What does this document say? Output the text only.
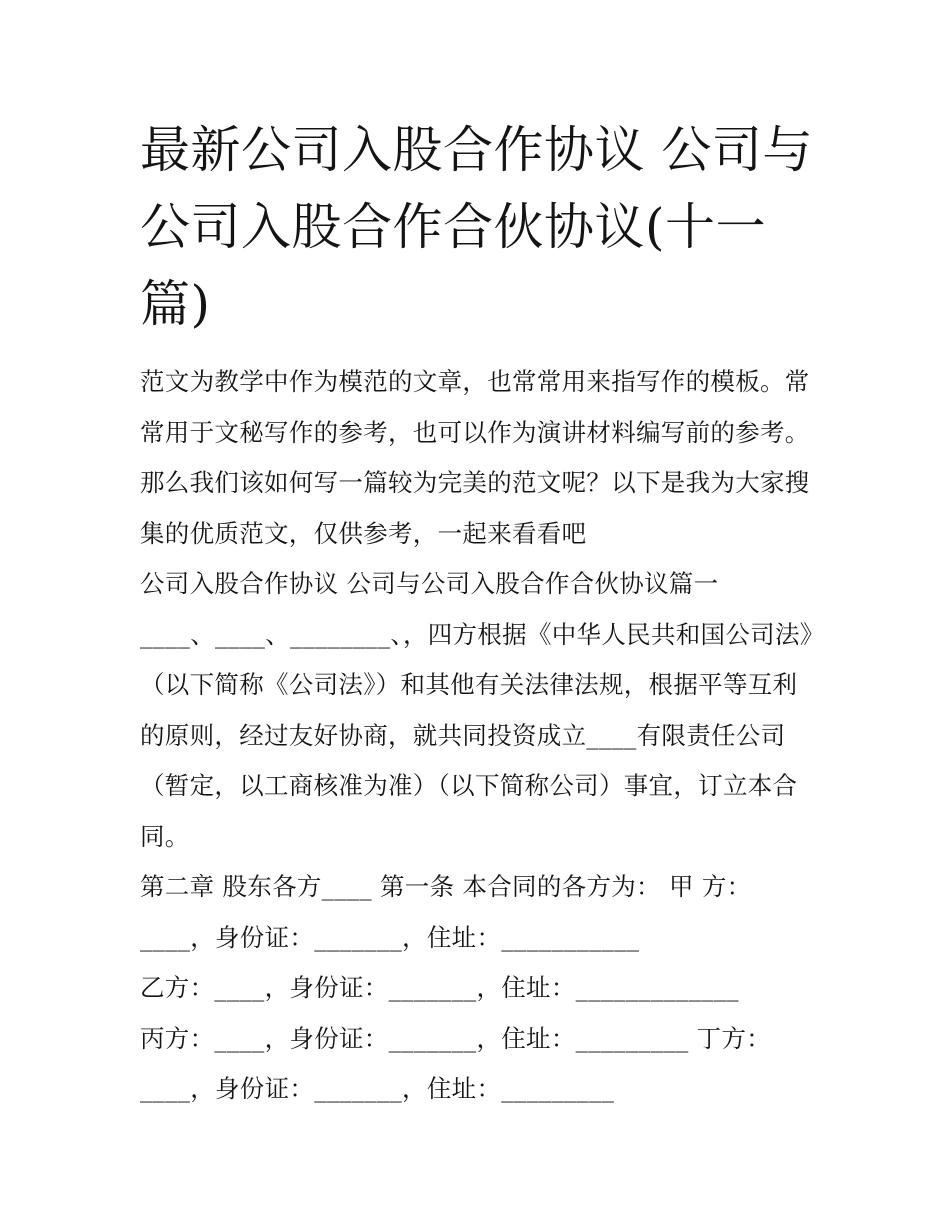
最新公司入股合作协议 公司与公司入股合作合伙协议(十一篇)

范文为教学中作为模范的文章，也常常用来指写作的模板。常常用于文秘写作的参考，也可以作为演讲材料编写前的参考。那么我们该如何写一篇较为完美的范文呢？以下是我为大家搜集的优质范文，仅供参考，一起来看看吧

公司入股合作协议 公司与公司入股合作合伙协议篇一

____、____、________、，四方根据《中华人民共和国公司法》（以下简称《公司法》）和其他有关法律法规，根据平等互利的原则，经过友好协商，就共同投资成立____有限责任公司（暂定，以工商核准为准）（以下简称公司）事宜，订立本合同。

第二章 股东各方____ 第一条 本合同的各方为： 甲 方：____，身份证：_______，住址：___________

乙方：____，身份证：_______，住址：_____________

丙方：____，身份证：_______，住址：_________ 丁方：____，身份证：_______，住址：_________
